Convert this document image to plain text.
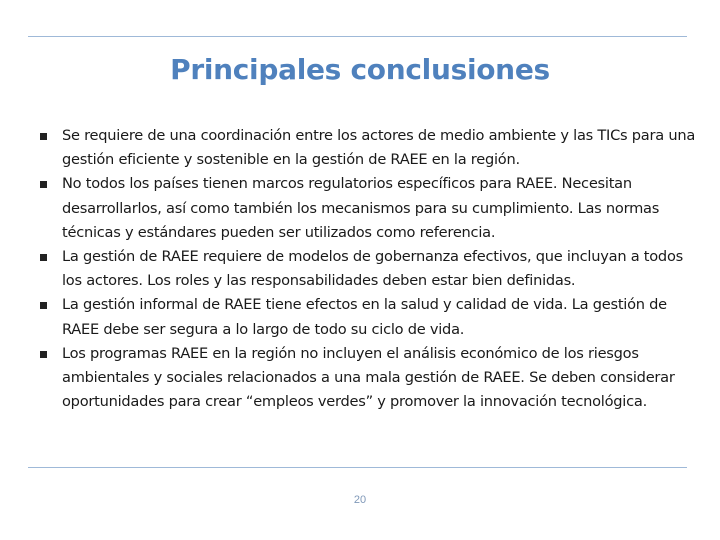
Principales conclusiones
Se requiere de una coordinación entre los actores de medio ambiente y las TICs para una gestión eficiente y sostenible en la gestión de RAEE en la región.
No todos los países tienen marcos regulatorios específicos para RAEE. Necesitan desarrollarlos, así como también los mecanismos para su cumplimiento. Las normas técnicas y estándares pueden ser utilizados como referencia.
La gestión de RAEE requiere de modelos de gobernanza efectivos, que incluyan a todos los actores. Los roles y las responsabilidades deben estar bien definidas.
La gestión informal de RAEE tiene efectos en la salud y calidad de vida. La gestión de RAEE debe ser segura a lo largo de todo su ciclo de vida.
Los programas RAEE en la región no incluyen el análisis económico de los riesgos ambientales y sociales relacionados a una mala gestión de RAEE. Se deben considerar oportunidades para crear “empleos verdes” y promover la innovación tecnológica.
20
